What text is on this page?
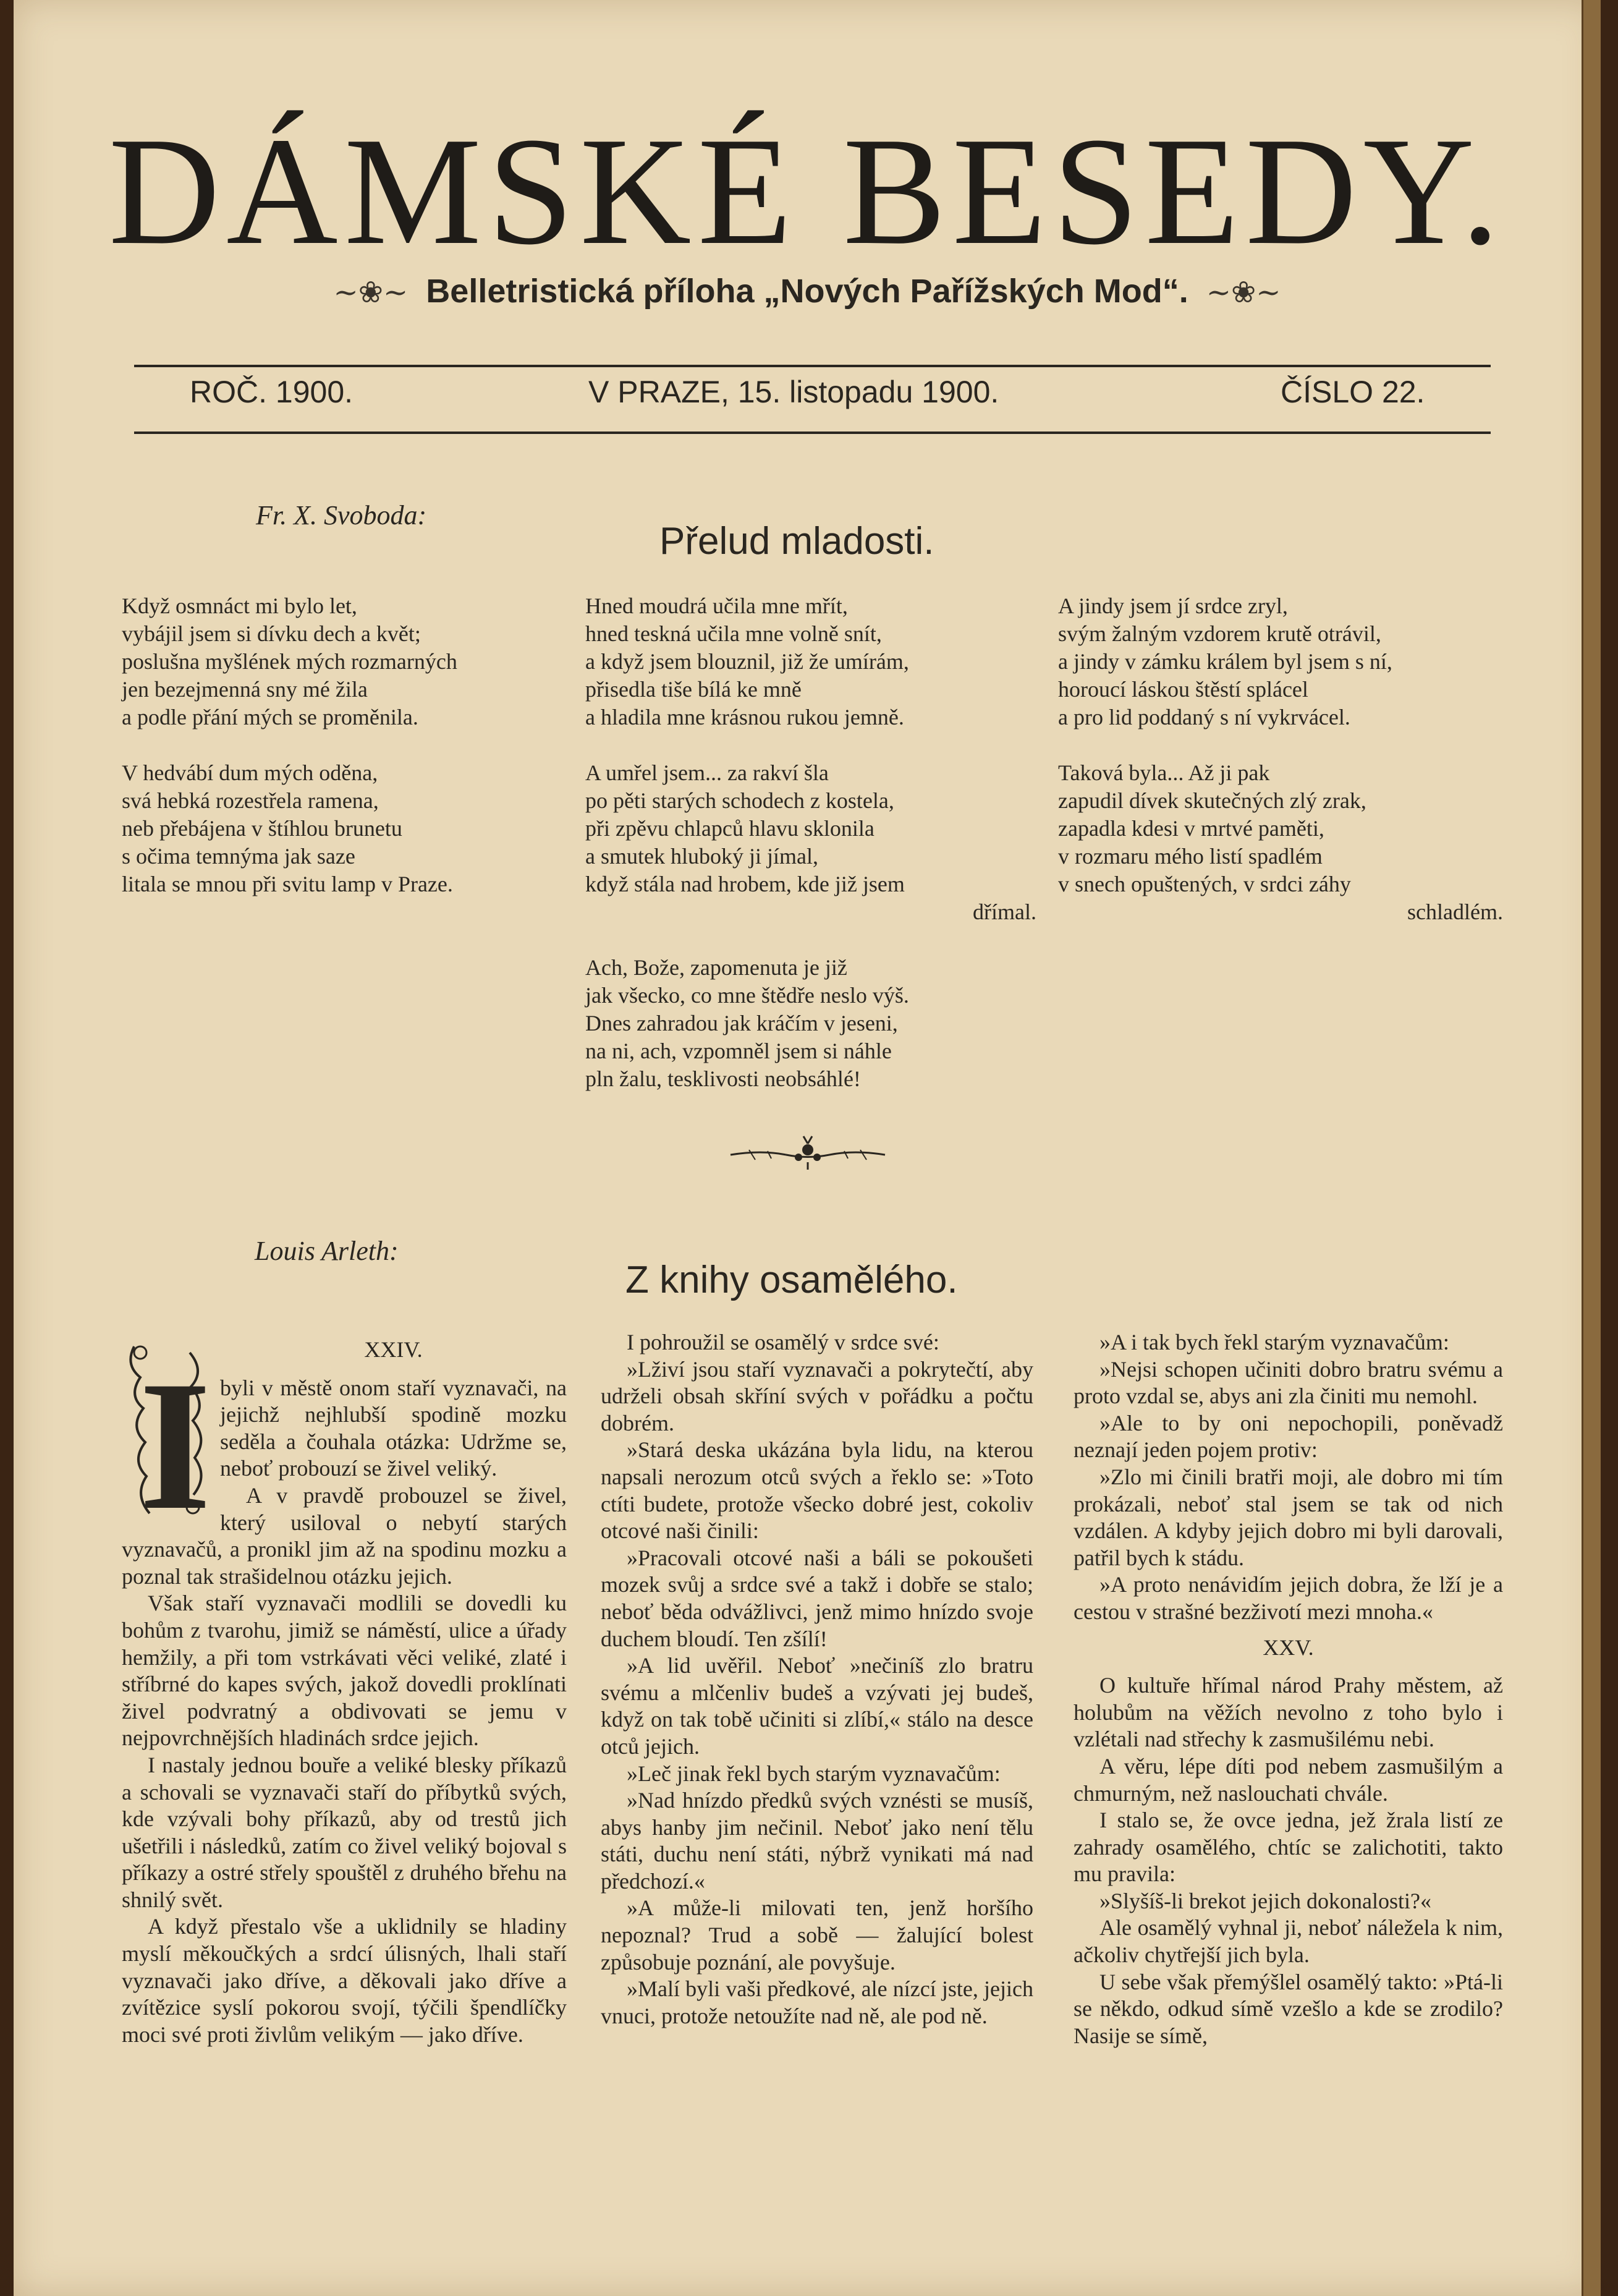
DÁMSKÉ BESEDY.
~❀~ Belletristická příloha „Nových Pařížských Mod“. ~❀~
ROČ. 1900.	V PRAZE, 15. listopadu 1900.	ČÍSLO 22.
Fr. X. Svoboda:
Přelud mladosti.
Když osmnáct mi bylo let,
vybájil jsem si dívku dech a květ;
poslušna myšlének mých rozmarných
jen bezejmenná sny mé žila
a podle přání mých se proměnila.
V hedvábí dum mých oděna,
svá hebká rozestřela ramena,
neb přebájena v štíhlou brunetu
s očima temnýma jak saze
litala se mnou při svitu lamp v Praze.
Hned moudrá učila mne mřít,
hned teskná učila mne volně snít,
a když jsem blouznil, již že umírám,
přisedla tiše bílá ke mně
a hladila mne krásnou rukou jemně.
A umřel jsem... za rakví šla
po pěti starých schodech z kostela,
při zpěvu chlapců hlavu sklonila
a smutek hluboký ji jímal,
když stála nad hrobem, kde již jsem
dřímal.
Ach, Bože, zapomenuta je již
jak všecko, co mne štědře neslo výš.
Dnes zahradou jak kráčím v jeseni,
na ni, ach, vzpomněl jsem si náhle
pln žalu, tesklivosti neobsáhlé!
A jindy jsem jí srdce zryl,
svým žalným vzdorem krutě otrávil,
a jindy v zámku králem byl jsem s ní,
horoucí láskou štěstí splácel
a pro lid poddaný s ní vykrvácel.
Taková byla... Až ji pak
zapudil dívek skutečných zlý zrak,
zapadla kdesi v mrtvé paměti,
v rozmaru mého listí spadlém
v snech opuštených, v srdci záhy
schladlém.
Louis Arleth:
Z knihy osamělého.
I	XXIV.

byli v městě onom staří vyznavači, na jejichž nejhlubší spodině mozku seděla a čouhala otázka: Udržme se, neboť probouzí se živel veliký.

A v pravdě probouzel se živel, který usiloval o nebytí starých vyznavačů, a pronikl jim až na spodinu mozku a poznal tak strašidelnou otázku jejich.

Však staří vyznavači modlili se dovedli ku bohům z tvarohu, jimiž se náměstí, ulice a úřady hemžily, a při tom vstrkávati věci veliké, zlaté i stříbrné do kapes svých, jakož dovedli proklínati živel podvratný a obdivovati se jemu v nejpovrchnějších hladinách srdce jejich.

I nastaly jednou bouře a veliké blesky příkazů a schovali se vyznavači staří do příbytků svých, kde vzývali bohy příkazů, aby od trestů jich ušetřili i následků, zatím co živel veliký bojoval s příkazy a ostré střely spouštěl z druhého břehu na shnilý svět.

A když přestalo vše a uklidnily se hladiny myslí měkoučkých a srdcí úlisných, lhali staří vyznavači jako dříve, a děkovali jako dříve a zvítězice syslí pokorou svojí, týčili špendlíčky moci své proti živlům velikým — jako dříve.

I pohroužil se osamělý v srdce své:

»Lživí jsou staří vyznavači a pokrytečtí, aby udrželi obsah skříní svých v pořádku a počtu dobrém.

»Stará deska ukázána byla lidu, na kterou napsali nerozum otců svých a řeklo se: »Toto ctíti budete, protože všecko dobré jest, cokoliv otcové naši činili:

»Pracovali otcové naši a báli se pokoušeti mozek svůj a srdce své a takž i dobře se stalo; neboť běda odvážlivci, jenž mimo hnízdo svoje duchem bloudí. Ten zšílí!

»A lid uvěřil. Neboť »nečiníš zlo bratru svému a mlčenliv budeš a vzývati jej budeš, když on tak tobě učiniti si zlíbí,« stálo na desce otců jejich.

»Leč jinak řekl bych starým vyznavačům:

»Nad hnízdo předků svých vznésti se musíš, abys hanby jim nečinil. Neboť jako není tělu státi, duchu není státi, nýbrž vynikati má nad předchozí.«

»A může-li milovati ten, jenž horšího nepoznal? Trud a sobě — žalující bolest způsobuje poznání, ale povyšuje.

»Malí byli vaši předkové, ale nízcí jste, jejich vnuci, protože netoužíte nad ně, ale pod ně.

»A i tak bych řekl starým vyznavačům:

»Nejsi schopen učiniti dobro bratru svému a proto vzdal se, abys ani zla činiti mu nemohl.

»Ale to by oni nepochopili, poněvadž neznají jeden pojem protiv:

»Zlo mi činili bratři moji, ale dobro mi tím prokázali, neboť stal jsem se tak od nich vzdálen. A kdyby jejich dobro mi byli darovali, patřil bych k stádu.

»A proto nenávidím jejich dobra, že lží je a cestou v strašné bezživotí mezi mnoha.«

XXV.

O kultuře hřímal národ Prahy městem, až holubům na věžích nevolno z toho bylo i vzlétali nad střechy k zasmušilému nebi.

A věru, lépe díti pod nebem zasmušilým a chmurným, než naslouchati chvále.

I stalo se, že ovce jedna, jež žrala listí ze zahrady osamělého, chtíc se zalichotiti, takto mu pravila:

»Slyšíš-li brekot jejich dokonalosti?«

Ale osamělý vyhnal ji, neboť náležela k nim, ačkoliv chytřejší jich byla.

U sebe však přemýšlel osamělý takto: »Ptá-li se někdo, odkud símě vzešlo a kde se zrodilo? Nasije se símě,
